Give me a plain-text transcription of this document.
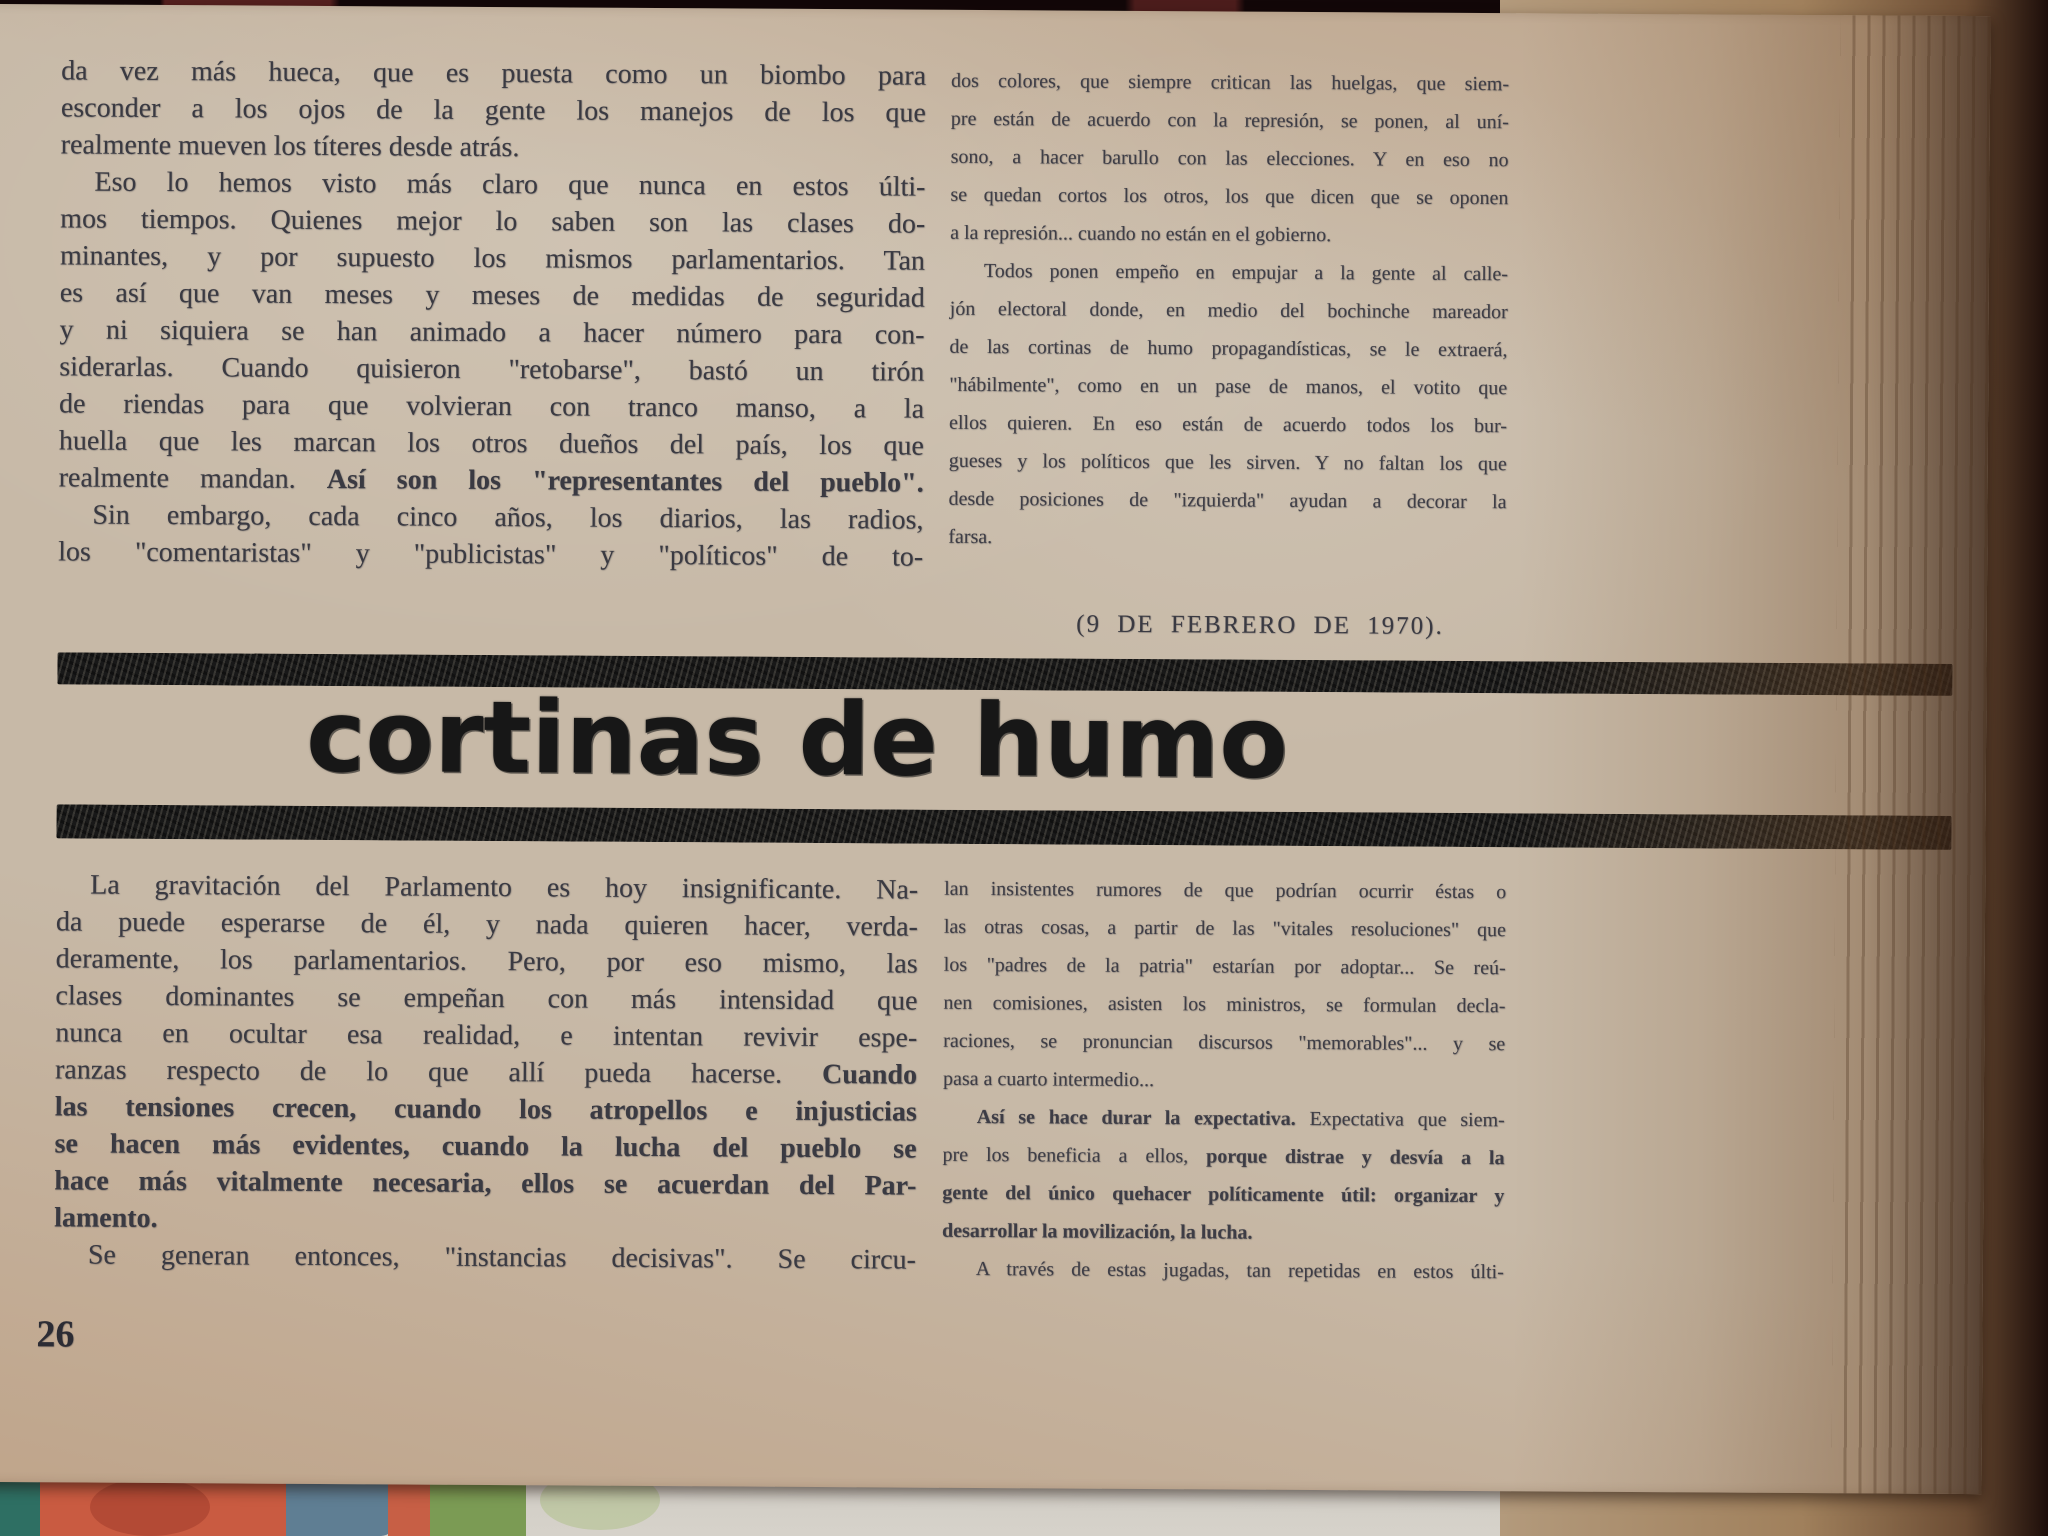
da vez más hueca, que es puesta como un biombo para
esconder a los ojos de la gente los manejos de los que
realmente mueven los títeres desde atrás.
Eso lo hemos visto más claro que nunca en estos últi-
mos tiempos. Quienes mejor lo saben son las clases do-
minantes, y por supuesto los mismos parlamentarios. Tan
es así que van meses y meses de medidas de seguridad
y ni siquiera se han animado a hacer número para con-
siderarlas. Cuando quisieron "retobarse", bastó un tirón
de riendas para que volvieran con tranco manso, a la
huella que les marcan los otros dueños del país, los que
realmente mandan. Así son los "representantes del pueblo".
Sin embargo, cada cinco años, los diarios, las radios,
los "comentaristas" y "publicistas" y "políticos" de to-
dos colores, que siempre critican las huelgas, que siem-
pre están de acuerdo con la represión, se ponen, al uní-
sono, a hacer barullo con las elecciones. Y en eso no
se quedan cortos los otros, los que dicen que se oponen
a la represión... cuando no están en el gobierno.
Todos ponen empeño en empujar a la gente al calle-
jón electoral donde, en medio del bochinche mareador
de las cortinas de humo propagandísticas, se le extraerá,
"hábilmente", como en un pase de manos, el votito que
ellos quieren. En eso están de acuerdo todos los bur-
gueses y los políticos que les sirven. Y no faltan los que
desde posiciones de "izquierda" ayudan a decorar la
farsa.
(9 DE FEBRERO DE 1970).
cortinas de humo
La gravitación del Parlamento es hoy insignificante. Na-
da puede esperarse de él, y nada quieren hacer, verda-
deramente, los parlamentarios. Pero, por eso mismo, las
clases dominantes se empeñan con más intensidad que
nunca en ocultar esa realidad, e intentan revivir espe-
ranzas respecto de lo que allí pueda hacerse. Cuando
las tensiones crecen, cuando los atropellos e injusticias
se hacen más evidentes, cuando la lucha del pueblo se
hace más vitalmente necesaria, ellos se acuerdan del Par-
lamento.
Se generan entonces, "instancias decisivas". Se circu-
lan insistentes rumores de que podrían ocurrir éstas o
las otras cosas, a partir de las "vitales resoluciones" que
los "padres de la patria" estarían por adoptar... Se reú-
nen comisiones, asisten los ministros, se formulan decla-
raciones, se pronuncian discursos "memorables"... y se
pasa a cuarto intermedio...
Así se hace durar la expectativa. Expectativa que siem-
pre los beneficia a ellos, porque distrae y desvía a la
gente del único quehacer políticamente útil: organizar y
desarrollar la movilización, la lucha.
A través de estas jugadas, tan repetidas en estos últi-
26
